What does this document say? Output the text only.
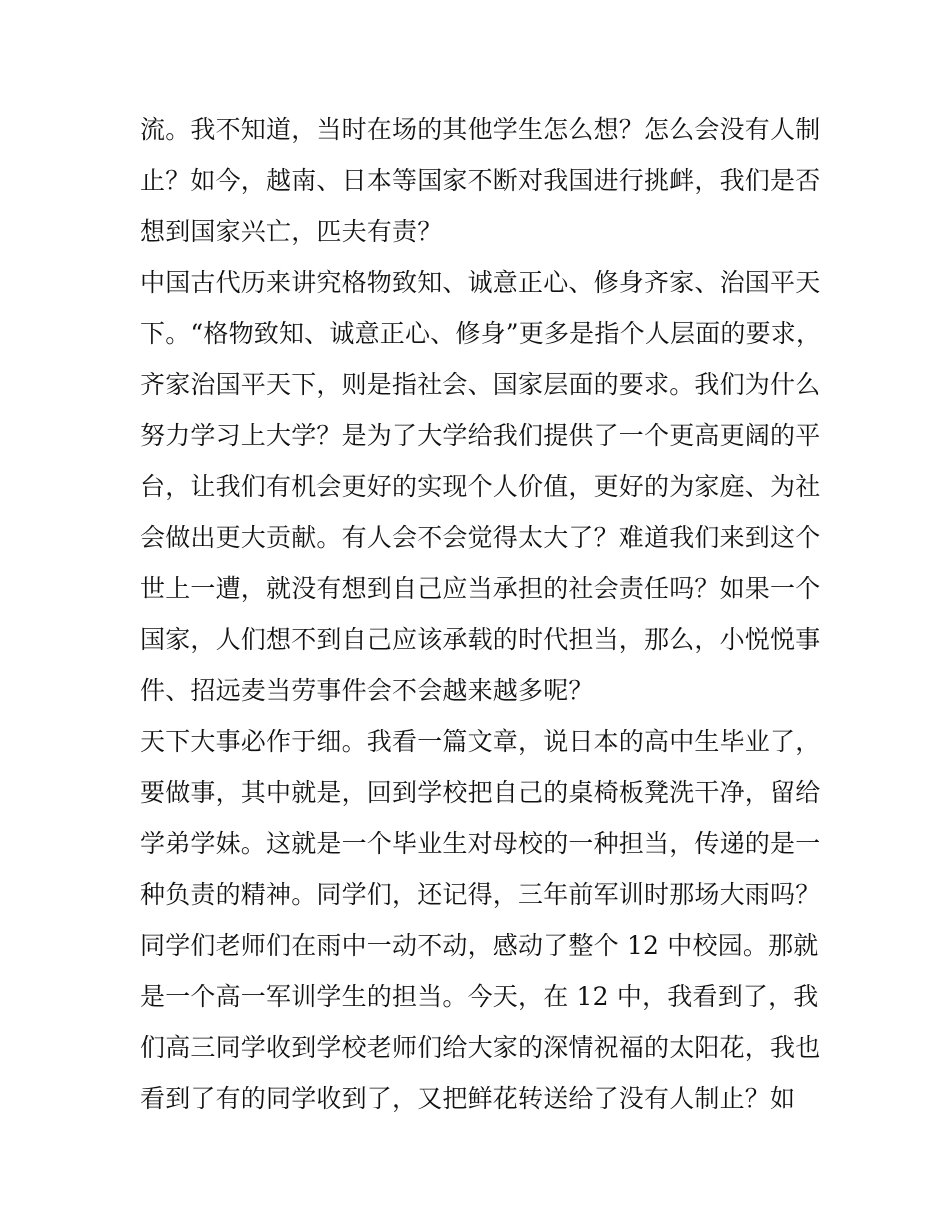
流。我不知道，当时在场的其他学生怎么想？怎么会没有人制
止？如今，越南、日本等国家不断对我国进行挑衅，我们是否
想到国家兴亡，匹夫有责？
中国古代历来讲究格物致知、诚意正心、修身齐家、治国平天
下。“格物致知、诚意正心、修身”更多是指个人层面的要求，
齐家治国平天下，则是指社会、国家层面的要求。我们为什么
努力学习上大学？是为了大学给我们提供了一个更高更阔的平
台，让我们有机会更好的实现个人价值，更好的为家庭、为社
会做出更大贡献。有人会不会觉得太大了？难道我们来到这个
世上一遭，就没有想到自己应当承担的社会责任吗？如果一个
国家，人们想不到自己应该承载的时代担当，那么，小悦悦事
件、招远麦当劳事件会不会越来越多呢？
天下大事必作于细。我看一篇文章，说日本的高中生毕业了，
要做事，其中就是，回到学校把自己的桌椅板凳洗干净，留给
学弟学妹。这就是一个毕业生对母校的一种担当，传递的是一
种负责的精神。同学们，还记得，三年前军训时那场大雨吗？
同学们老师们在雨中一动不动，感动了整个 12 中校园。那就
是一个高一军训学生的担当。今天，在 12 中，我看到了，我
们高三同学收到学校老师们给大家的深情祝福的太阳花，我也
看到了有的同学收到了，又把鲜花转送给了没有人制止？如
